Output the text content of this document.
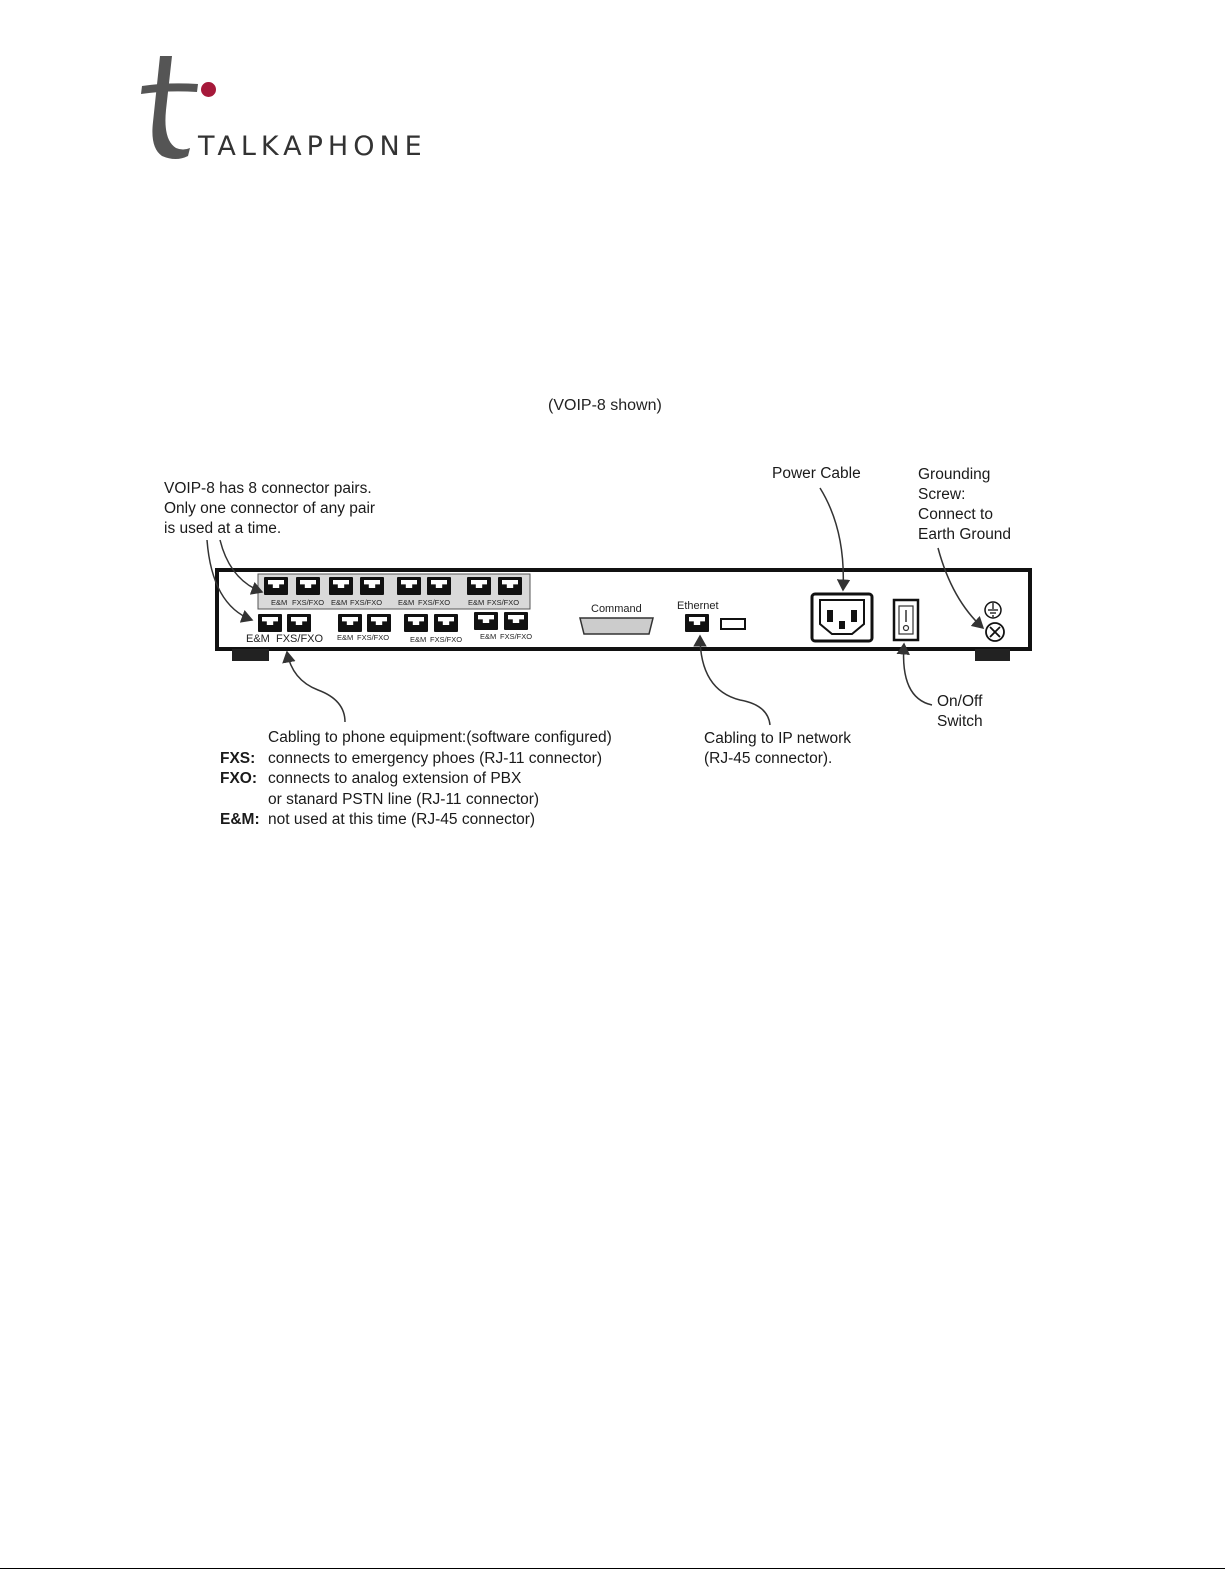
TALKAPHONE
(VOIP-8 shown)
E&M FXS/FXO E&M FXS/FXO E&M FXS/FXO E&M FXS/FXO
E&M FXS/FXO E&M FXS/FXO	E&M FXS/FXO E&M FXS/FXO
Command	Ethernet
VOIP-8 has 8 connector pairs.
Only one connector of any pair
is used at a time.
Power Cable	Grounding
Screw:
Connect to
Earth Ground
On/Off
Switch
Cabling to IP network
(RJ-45 connector).
Cabling to phone equipment:(software configured)
FXS: connects to emergency phoes (RJ-11 connector)
FXO: connects to analog extension of PBX
or stanard PSTN line (RJ-11 connector)
E&M: not used at this time (RJ-45 connector)
